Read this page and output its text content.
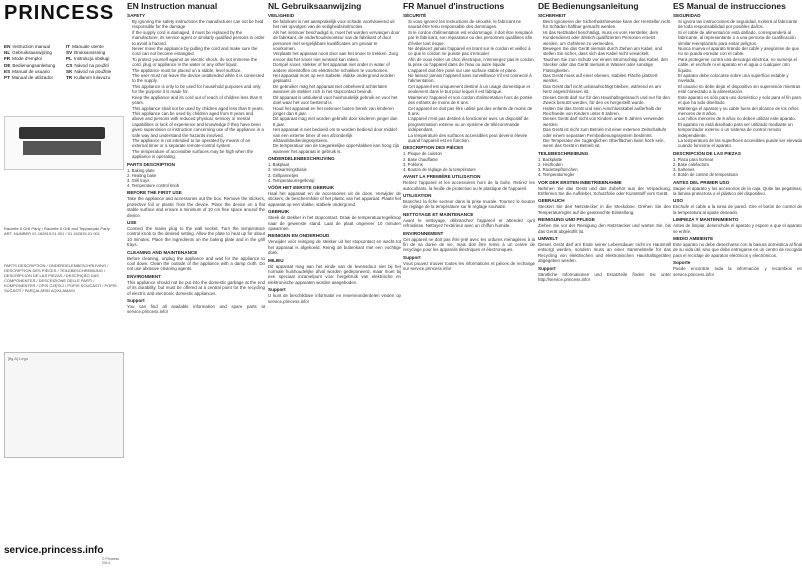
PRINCESS
EN Instruction manual
NL Gebruiksaanwijzing
FR Mode d'emploi
DE Bedienungsanleitung
ES Manual de usuario
PT Manual de utilizador
IT Manuale utente
SV Bruksanvisning
PL Instrukcja obsługi
CS Návod na použití
SK Návod na použitie
TR Kullanım kılavuzu
Raclette 8 Grill Party / Raclette 8 Grill and Teppanyaki Party
ART. NUMBER 01.162810.01.001 / 01.162815.01.001
PARTS DESCRIPTION / ONDERDELENBESCHRIJVING / DESCRIPTION DES PIÈCES / TEILEBESCHREIBUNG / DESCRIPCIÓN DE LAS PIEZAS / DESCRIÇÃO DAS COMPONENTES / DESCRIZIONE DELLE PARTI / KOMPONENTER / OPIS CZĘŚCI / POPIS SOUČÁSTÍ / POPIS SÚČASTÍ / PARÇALARIN AÇIKLAMASI
[fig A] Lego
service.princess.info
© Princess 2014
EN Instruction manual
SAFETY
• By ignoring the safety instructions the manufacturer can not be held responsible for the damage.
• If the supply cord is damaged, it must be replaced by the manufacturer, its service agent or similarly qualified persons in order to avoid a hazard.
• Never move the appliance by pulling the cord and make sure the cord can not become entangled.
• To protect yourself against an electric shock, do not immerse the cord, plug or appliance in the water or any other liquid.
• The appliance must be placed on a stable, level surface.
• The user must not leave the device unattended while it is connected to the supply.
• This appliance is only to be used for household purposes and only for the purpose it is made for.
• Keep the appliance and its cord out of reach of children less than 8 years.
• This appliance shall not be used by children aged less than 8 years. This appliance can be used by children aged from 8 years and above and persons with reduced physical, sensory or mental capabilities or lack of experience and knowledge if they have been given supervision or instruction concerning use of the appliance in a safe way and understand the hazards involved.
• The appliance is not intended to be operated by means of an external timer or a separate remote-control system.
• The temperature of accessible surfaces may be high when the appliance is operating.
PARTS DESCRIPTION
1. Baking plate
2. Heating base
3. Grill trays
4. Temperature control knob
BEFORE THE FIRST USE
Take the appliance and accessories out the box. Remove the stickers, protective foil or plastic from the device. Place the device on a flat stable surface and ensure a minimum of 10 cm free space around the device.
USE
Connect the mains plug to the wall socket. Turn the temperature control knob to the desired setting. Allow the plate to heat up for about 10 minutes. Place the ingredients on the baking plate and in the grill trays.
CLEANING AND MAINTENANCE
Before cleaning, unplug the appliance and wait for the appliance to cool down. Clean the outside of the appliance with a damp cloth. Do not use abrasive cleaning agents.
ENVIRONMENT
This appliance should not be put into the domestic garbage at the end of its durability, but must be offered at a central point for the recycling of electric and electronic domestic appliances.
Support
You can find all available information and spare parts at service.princess.info!
NL Gebruiksaanwijzing
VEILIGHEID
• De fabrikant is niet aansprakelijk voor schade voortvloeiend uit het niet opvolgen van de veiligheidsinstructies.
• Als het netsnoer beschadigd is, moet het worden vervangen door de fabrikant, de onderhoudsmonteur van de fabrikant of door personen met vergelijkbare kwalificaties om gevaar te voorkomen.
• Verplaats het apparaat nooit door aan het snoer te trekken. Zorg ervoor dat het snoer niet verward kan raken.
• Dompel snoer, stekker of het apparaat niet onder in water of andere vloeistoffen om elektrische schokken te voorkomen.
• Het apparaat moet op een stabiele, vlakke ondergrond worden geplaatst.
• De gebruiker mag het apparaat niet onbeheerd achterlaten wanneer de stekker zich in het stopcontact bevindt.
• Dit apparaat is uitsluitend voor huishoudelijk gebruik en voor het doel waar het voor bestemd is.
• Houd het apparaat en het netsnoer buiten bereik van kinderen jonger dan 8 jaar.
• Dit apparaat mag niet worden gebruikt door kinderen jonger dan 8 jaar.
• Het apparaat is niet bedoeld om te worden bediend door middel van een externe timer of een afzonderlijk afstandsbedieningssysteem.
• De temperatuur van de toegankelijke oppervlakken kan hoog zijn wanneer het apparaat in gebruik is.
ONDERDELENBESCHRIJVING
1. Bakplaat
2. Verwarmingsbasis
3. Grillpannetjes
4. Temperatuurregelknop
VÓÓR HET EERSTE GEBRUIK
Haal het apparaat en de accessoires uit de doos. Verwijder de stickers, de beschermfolie of het plastic van het apparaat. Plaats het apparaat op een vlakke, stabiele ondergrond.
GEBRUIK
Steek de stekker in het stopcontact. Draai de temperatuurregelknop naar de gewenste stand. Laat de plaat ongeveer 10 minuten opwarmen.
REINIGEN EN ONDERHOUD
Verwijder vóór reiniging de stekker uit het stopcontact en wacht tot het apparaat is afgekoeld. Reinig de buitenkant met een vochtige doek.
MILIEU
Dit apparaat mag aan het einde van de levensduur niet bij het normale huishoudelijke afval worden gedeponeerd, maar moet bij een speciaal inzamelpunt voor hergebruik van elektrische en elektronische apparaten worden aangeboden.
Support
U kunt de beschikbare informatie en reserveonderdelen vinden op service.princess.info!
FR Manuel d'instructions
SÉCURITÉ
• Si vous ignorez les instructions de sécurité, le fabricant ne saurait être tenu responsable des dommages.
• Si le cordon d'alimentation est endommagé, il doit être remplacé par le fabricant, son réparateur ou des personnes qualifiées afin d'éviter tout risque.
• Ne déplacez jamais l'appareil en tirant sur le cordon et veillez à ce que le cordon ne puisse pas s'enrouler.
• Afin de vous éviter un choc électrique, n'immergez pas le cordon, la prise ou l'appareil dans de l'eau ou autre liquide.
• L'appareil doit être posé sur une surface stable et plane.
• Ne laissez jamais l'appareil sans surveillance s'il est connecté à l'alimentation.
• Cet appareil est uniquement destiné à un usage domestique et seulement dans le but pour lequel il est fabriqué.
• Maintenez l'appareil et son cordon d'alimentation hors de portée des enfants de moins de 8 ans.
• Cet appareil ne doit pas être utilisé par des enfants de moins de 8 ans.
• L'appareil n'est pas destiné à fonctionner avec un dispositif de programmation externe ou un système de télécommande indépendant.
• La température des surfaces accessibles peut devenir élevée quand l'appareil est en fonction.
DESCRIPTION DES PIÈCES
1. Plaque de cuisson
2. Base chauffante
3. Poêlons
4. Bouton de réglage de la température
AVANT LA PREMIÈRE UTILISATION
Retirez l'appareil et les accessoires hors de la boîte. Retirez les autocollants, la feuille de protection ou le plastique de l'appareil.
UTILISATION
Branchez la fiche secteur dans la prise murale. Tournez le bouton de réglage de la température sur le réglage souhaité.
NETTOYAGE ET MAINTENANCE
Avant le nettoyage, débranchez l'appareil et attendez qu'il refroidisse. Nettoyez l'extérieur avec un chiffon humide.
ENVIRONNEMENT
Cet appareil ne doit pas être jeté avec les ordures ménagères à la fin de sa durée de vie, mais doit être remis à un centre de recyclage pour les appareils électriques et électroniques.
Support
Vous pouvez trouver toutes les informations et pièces de rechange sur service.princess.info!
DE Bedienungsanleitung
SICHERHEIT
• Beim Ignorieren der Sicherheitshinweise kann der Hersteller nicht für Schäden haftbar gemacht werden.
• Ist das Netzkabel beschädigt, muss es vom Hersteller, dem Kundendienst oder ähnlich qualifizierten Personen ersetzt werden, um Gefahren zu vermeiden.
• Bewegen Sie das Gerät niemals durch Ziehen am Kabel, und stellen Sie sicher, dass sich das Kabel nicht verwickelt.
• Tauchen Sie zum Schutz vor einem Stromschlag das Kabel, den Stecker oder das Gerät niemals in Wasser oder sonstige Flüssigkeiten.
• Das Gerät muss auf einer ebenen, stabilen Fläche platziert werden.
• Das Gerät darf nicht unbeaufsichtigt bleiben, während es am Netz angeschlossen ist.
• Dieses Gerät darf nur für den Haushaltsgebrauch und nur für den Zweck benutzt werden, für den es hergestellt wurde.
• Halten Sie das Gerät und sein Anschlusskabel außerhalb der Reichweite von Kindern unter 8 Jahren.
• Dieses Gerät darf nicht von Kindern unter 8 Jahren verwendet werden.
• Das Gerät ist nicht zum Betrieb mit einer externen Zeitschaltuhr oder einem separaten Fernbedienungssystem bestimmt.
• Die Temperatur der zugänglichen Oberflächen kann hoch sein, wenn das Gerät in Betrieb ist.
TEILEBESCHREIBUNG
1. Backplatte
2. Heizboden
3. Raclettepfännchen
4. Temperaturregler
VOR DER ERSTEN INBETRIEBNAHME
Nehmen Sie das Gerät und das Zubehör aus der Verpackung. Entfernen Sie die Aufkleber, Schutzfolie oder Kunststoff vom Gerät.
GEBRAUCH
Stecken Sie den Netzstecker in die Steckdose. Drehen Sie den Temperaturregler auf die gewünschte Einstellung.
REINIGUNG UND PFLEGE
Ziehen Sie vor der Reinigung den Netzstecker und warten Sie, bis das Gerät abgekühlt ist.
UMWELT
Dieses Gerät darf am Ende seiner Lebensdauer nicht im Hausmüll entsorgt werden, sondern muss an einer Sammelstelle für das Recycling von elektrischen und elektronischen Haushaltsgeräten abgegeben werden.
Support
Sämtliche Informationen und Ersatzteile finden Sie unter http://service.princess.info!
ES Manual de instrucciones
SEGURIDAD
• Si ignora las instrucciones de seguridad, eximirá al fabricante de toda responsabilidad por posibles daños.
• Si el cable de alimentación está dañado, corresponderá al fabricante, al representante o a una persona de cualificación similar reemplazarlo para evitar peligros.
• Nunca mueva el aparato tirando del cable y asegúrese de que no se pueda enredar con el cable.
• Para protegerse contra una descarga eléctrica, no sumerja el cable, el enchufe ni el aparato en el agua o cualquier otro líquido.
• El aparato debe colocarse sobre una superficie estable y nivelada.
• El usuario no debe dejar el dispositivo sin supervisión mientras esté conectado a la alimentación.
• Este aparato es sólo para uso doméstico y solo para el fin para el que ha sido diseñado.
• Mantenga el aparato y su cable fuera del alcance de los niños menores de 8 años.
• Los niños menores de 8 años no deben utilizar este aparato.
• El aparato no está diseñado para ser utilizado mediante un temporizador externo o un sistema de control remoto independiente.
• La temperatura de las superficies accesibles puede ser elevada cuando funcione el aparato.
DESCRIPCIÓN DE LAS PIEZAS
1. Placa para hornear
2. Base calefactora
3. Sartenes
4. Botón de control de temperatura
ANTES DEL PRIMER USO
Saque el aparato y los accesorios de la caja. Quite las pegatinas, la lámina protectora o el plástico del dispositivo.
USO
Enchufe el cable a la toma de pared. Gire el botón de control de la temperatura al ajuste deseado.
LIMPIEZA Y MANTENIMIENTO
Antes de limpiar, desenchufe el aparato y espere a que el aparato se enfríe.
MEDIO AMBIENTE
Este aparato no debe desecharse con la basura doméstica al final de su vida útil, sino que debe entregarse en un centro de recogida para el reciclaje de aparatos eléctricos y electrónicos.
Soporte
Puede encontrar toda la información y recambios en service.princess.info!
